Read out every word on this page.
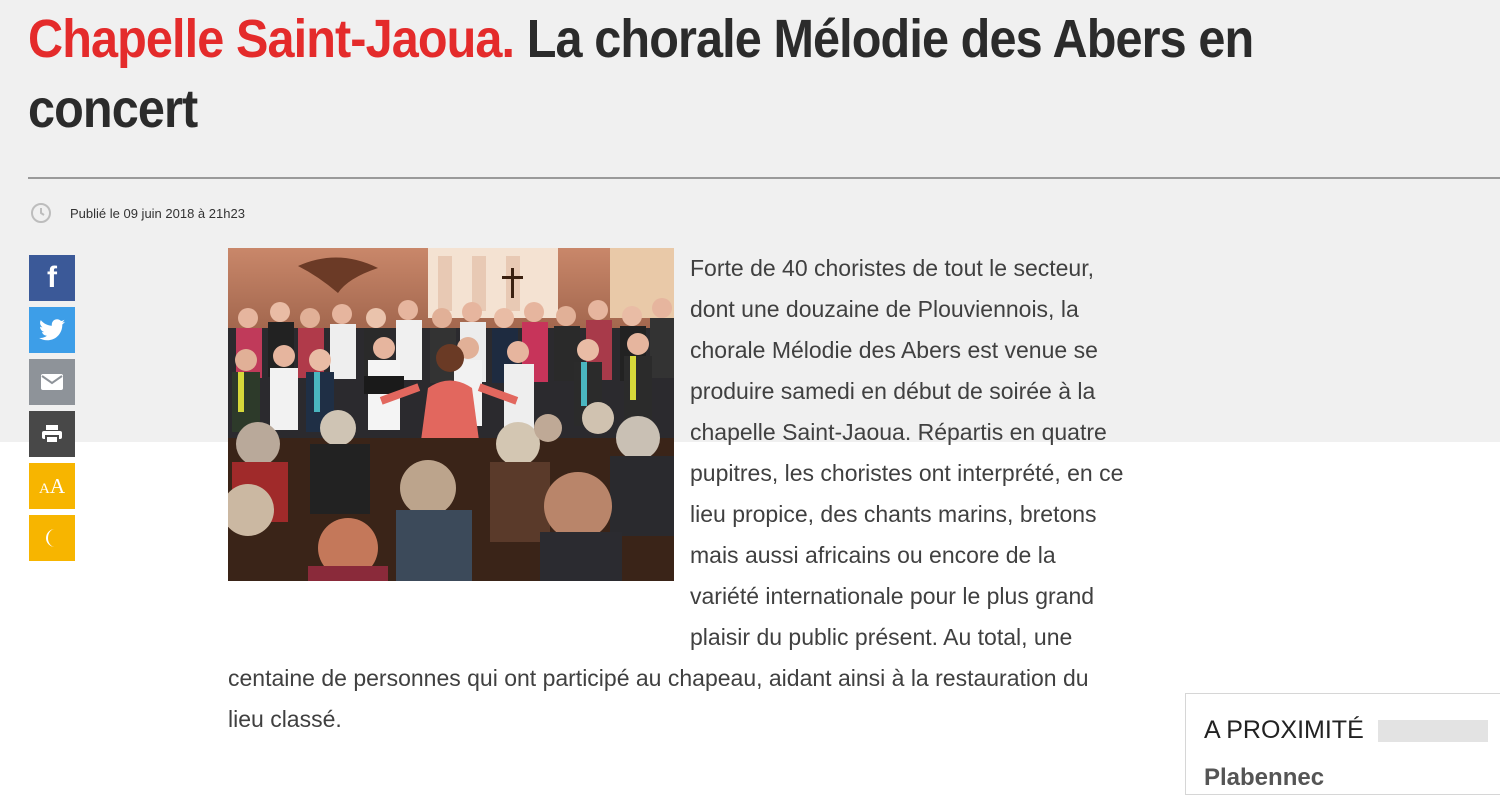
Chapelle Saint-Jaoua. La chorale Mélodie des Abers en concert
Publié le 09 juin 2018 à 21h23
f
AA

Forte de 40 choristes de tout le secteur, dont une douzaine de Plouviennois, la chorale Mélodie des Abers est venue se produire samedi en début de soirée à la chapelle Saint-Jaoua. Répartis en quatre pupitres, les choristes ont interprété, en ce lieu propice, des chants marins, bretons mais aussi africains ou encore de la variété internationale pour le plus grand plaisir du public présent. Au total, une centaine de personnes qui ont participé au chapeau, aidant ainsi à la restauration du lieu classé.	A PROXIMITÉ
Plabennec
